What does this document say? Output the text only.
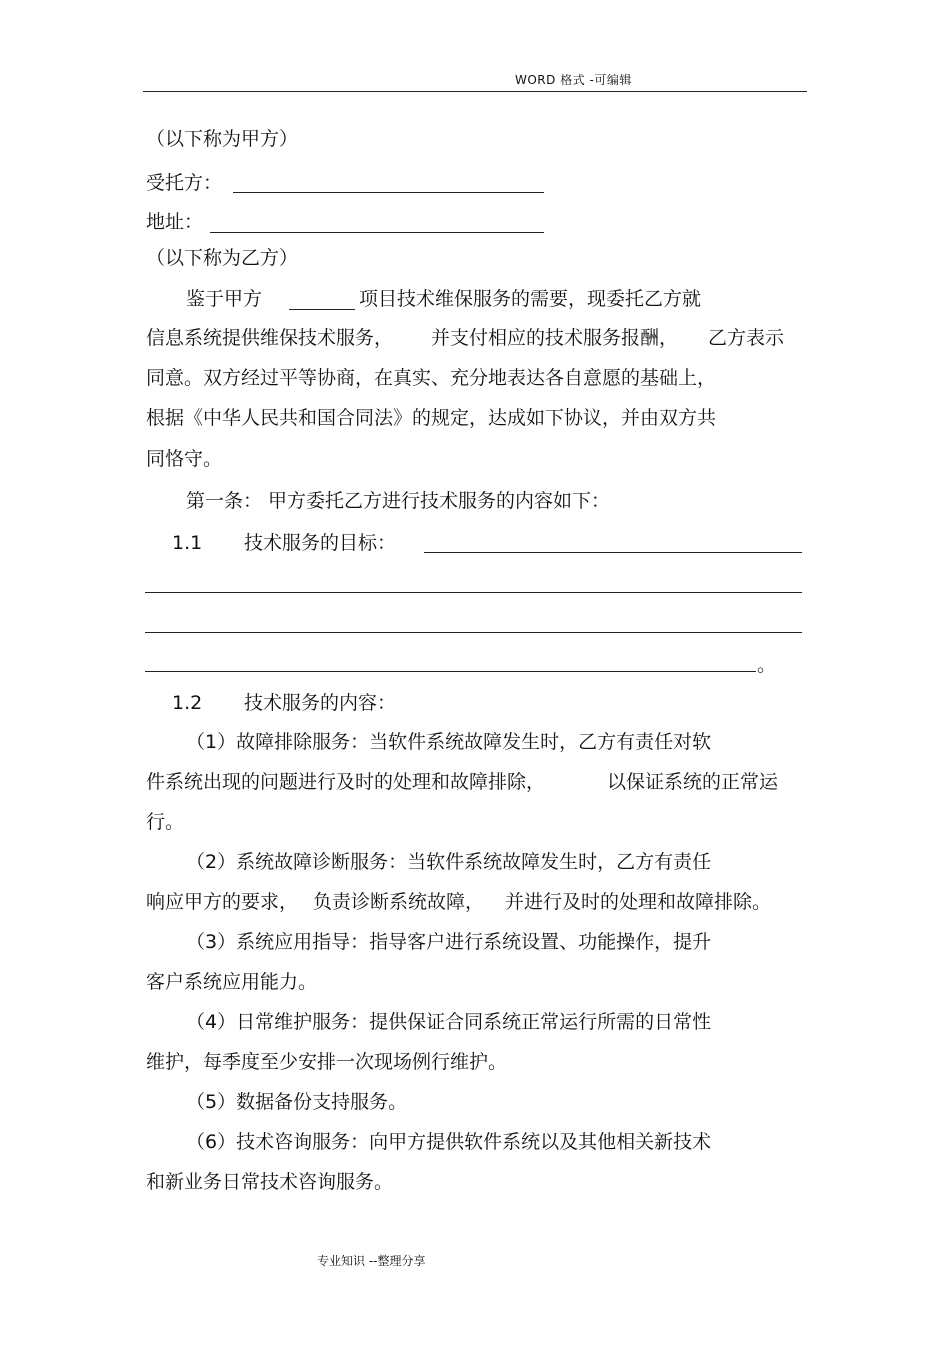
WORD 格式 -可编辑
（以下称为甲方）
受托方：
地址：
（以下称为乙方）
鉴于甲方	项目技术维保服务的需要，现委托乙方就
信息系统提供维保技术服务， 并支付相应的技术服务报酬， 乙方表示
同意。双方经过平等协商，在真实、充分地表达各自意愿的基础上，
根据《中华人民共和国合同法》的规定，达成如下协议，并由双方共
同恪守。
第一条： 甲方委托乙方进行技术服务的内容如下：
1.1 技术服务的目标：
。
1.2 技术服务的内容：
（1）故障排除服务：当软件系统故障发生时，乙方有责任对软
件系统出现的问题进行及时的处理和故障排除，	以保证系统的正常运
行。
（2）系统故障诊断服务：当软件系统故障发生时，乙方有责任
响应甲方的要求， 负责诊断系统故障， 并进行及时的处理和故障排除。
（3）系统应用指导：指导客户进行系统设置、功能操作，提升
客户系统应用能力。
（4）日常维护服务：提供保证合同系统正常运行所需的日常性
维护，每季度至少安排一次现场例行维护。
（5）数据备份支持服务。
（6）技术咨询服务：向甲方提供软件系统以及其他相关新技术
和新业务日常技术咨询服务。
专业知识 --整理分享
